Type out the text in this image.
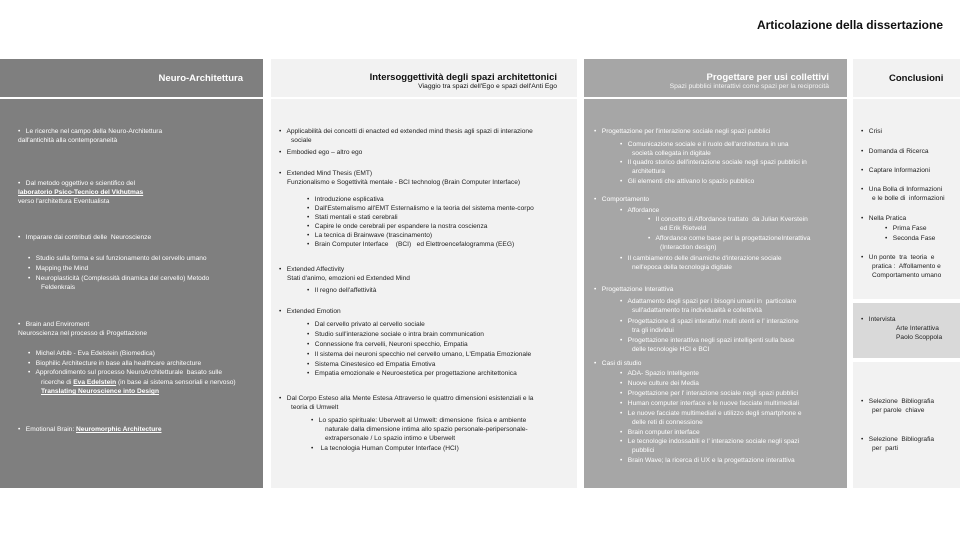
Articolazione della dissertazione
Neuro-Architettura
•   Le ricerche nel campo della Neuro-Architettura
dall'antichità alla contemporaneità
•   Dal metodo oggettivo e scientifico del
laboratorio Psico-Tecnico del Vkhutmas
verso l'architettura Eventualista
•   Imparare dai contributi delle  Neuroscienze
•   Studio sulla forma e sul funzionamento del cervello umano
•   Mapping the Mind
•   Neuroplasticità (Complessità dinamica del cervello) Metodo
Feldenkrais
•   Brain and Enviroment
Neuroscienza nel processo di Progettazione
•   Michel Arbib - Eva Edelstein (Biomedica)
•   Biophilic Architecture in base alla healthcare architecture
•   Approfondimento sul processo NeuroArchitetturale  basato sulle
ricerche di Eva Edelstein (in base ai sistema sensoriali e nervoso)
Translating Neuroscience into Design
•   Emotional Brain: Neuromorphic Architecture
Intersoggettività degli spazi architettonici
Viaggio tra spazi dell'Ego e spazi dell'Anti Ego
•   Applicabilità dei concetti di enacted ed extended mind thesis agli spazi di interazione
sociale
•   Embodied ego – altro ego
•   Extended Mind Thesis (EMT)
Funzionalismo e Sogettività mentale - BCI technolog (Brain Computer Interface)
•   Introduzione esplicativa
•   Dall'Esternalismo all'EMT Esternalismo e la teoria del sistema mente-corpo
•   Stati mentali e stati cerebrali
•   Capire le onde cerebrali per espandere la nostra coscienza
•   La tecnica di Brainwave (trascinamento)
•   Brain Computer Interface    (BCI)   ed Elettroencefalogramma (EEG)
•   Extended Affectivity
Stati d'animo, emozioni ed Extended Mind
•   Il regno dell'affettività
•   Extended Emotion
•   Dal cervello privato al cervello sociale
•   Studio sull'interazione sociale o intra brain communication
•   Connessione fra cervelli, Neuroni specchio, Empatia
•   Il sistema dei neuroni specchio nel cervello umano, L'Empatia Emozionale
•   Sistema Cinestesico ed Empatia Emotiva
•   Empatia emozionale e Neuroestetica per progettazione architettonica
•   Dal Corpo Esteso alla Mente Estesa Attraverso le quattro dimensioni esistenziali e la
teoria di Umwelt
•   Lo spazio spirituale: Uberwelt al Umwelt: dimensione  fisica e ambiente
naturale dalla dimensione intima allo spazio personale-peripersonale-
extrapersonale / Lo spazio intimo e Uberwelt
•    La tecnologia Human Computer Interface (HCI)
Progettare per usi collettivi
Spazi pubblici interattivi come spazi per la reciprocità
•   Progettazione per l'interazione sociale negli spazi pubblici
•   Comunicazione sociale e il ruolo dell'architettura in una
società collegata in digitale
•   Il quadro storico dell'interazione sociale negli spazi pubblici in
architettura
•   Gli elementi che attivano lo spazio pubblico
•   Comportamento
•   Affordance
•   Il concetto di Affordance trattato  da Julian Kverstein
ed Erik Rietveld
•   Affordance come base per la progettazioneInterattiva
(Interaction design)
•   Il cambiamento delle dinamiche d'interazione sociale
nell'epoca della tecnologia digitale
•   Progettazione Interattiva
•   Adattamento degli spazi per i bisogni umani in  particolare
sull'adattamento tra individualità e collettività
•   Progettazione di spazi interattivi multi utenti e l' interazione
tra gli individui
•   Progettazione interattiva negli spazi intelligenti sulla base
delle tecnologie HCI e BCI
•   Casi di studio
•   ADA- Spazio Intelligente
•   Nuove culture dei Media
•   Progettazione per l' interazione sociale negli spazi pubblici
•   Human computer interface e le nuove facciate multimediali
•   Le nuove facciate multimediali e utilizzo degli smartphone e
delle reti di connessione
•   Brain computer interface
•   Le tecnologie indossabili e l' interazione sociale negli spazi
pubblici
•   Brain Wave; la ricerca di UX e la progettazione interattiva
Conclusioni
•   Crisi
•   Domanda di Ricerca
•   Captare Informazioni
•   Una Bolla di Informazioni
e le bolle di  informazioni
•   Nella Pratica
•   Prima Fase
•   Seconda Fase
•   Un ponte  tra  teoria  e
pratica :  Affollamento e
Comportamento umano
•   Intervista
Arte Interattiva
Paolo Scoppola
•   Selezione  Bibliografia
per parole  chiave
•   Selezione  Bibliografia
per  parti
